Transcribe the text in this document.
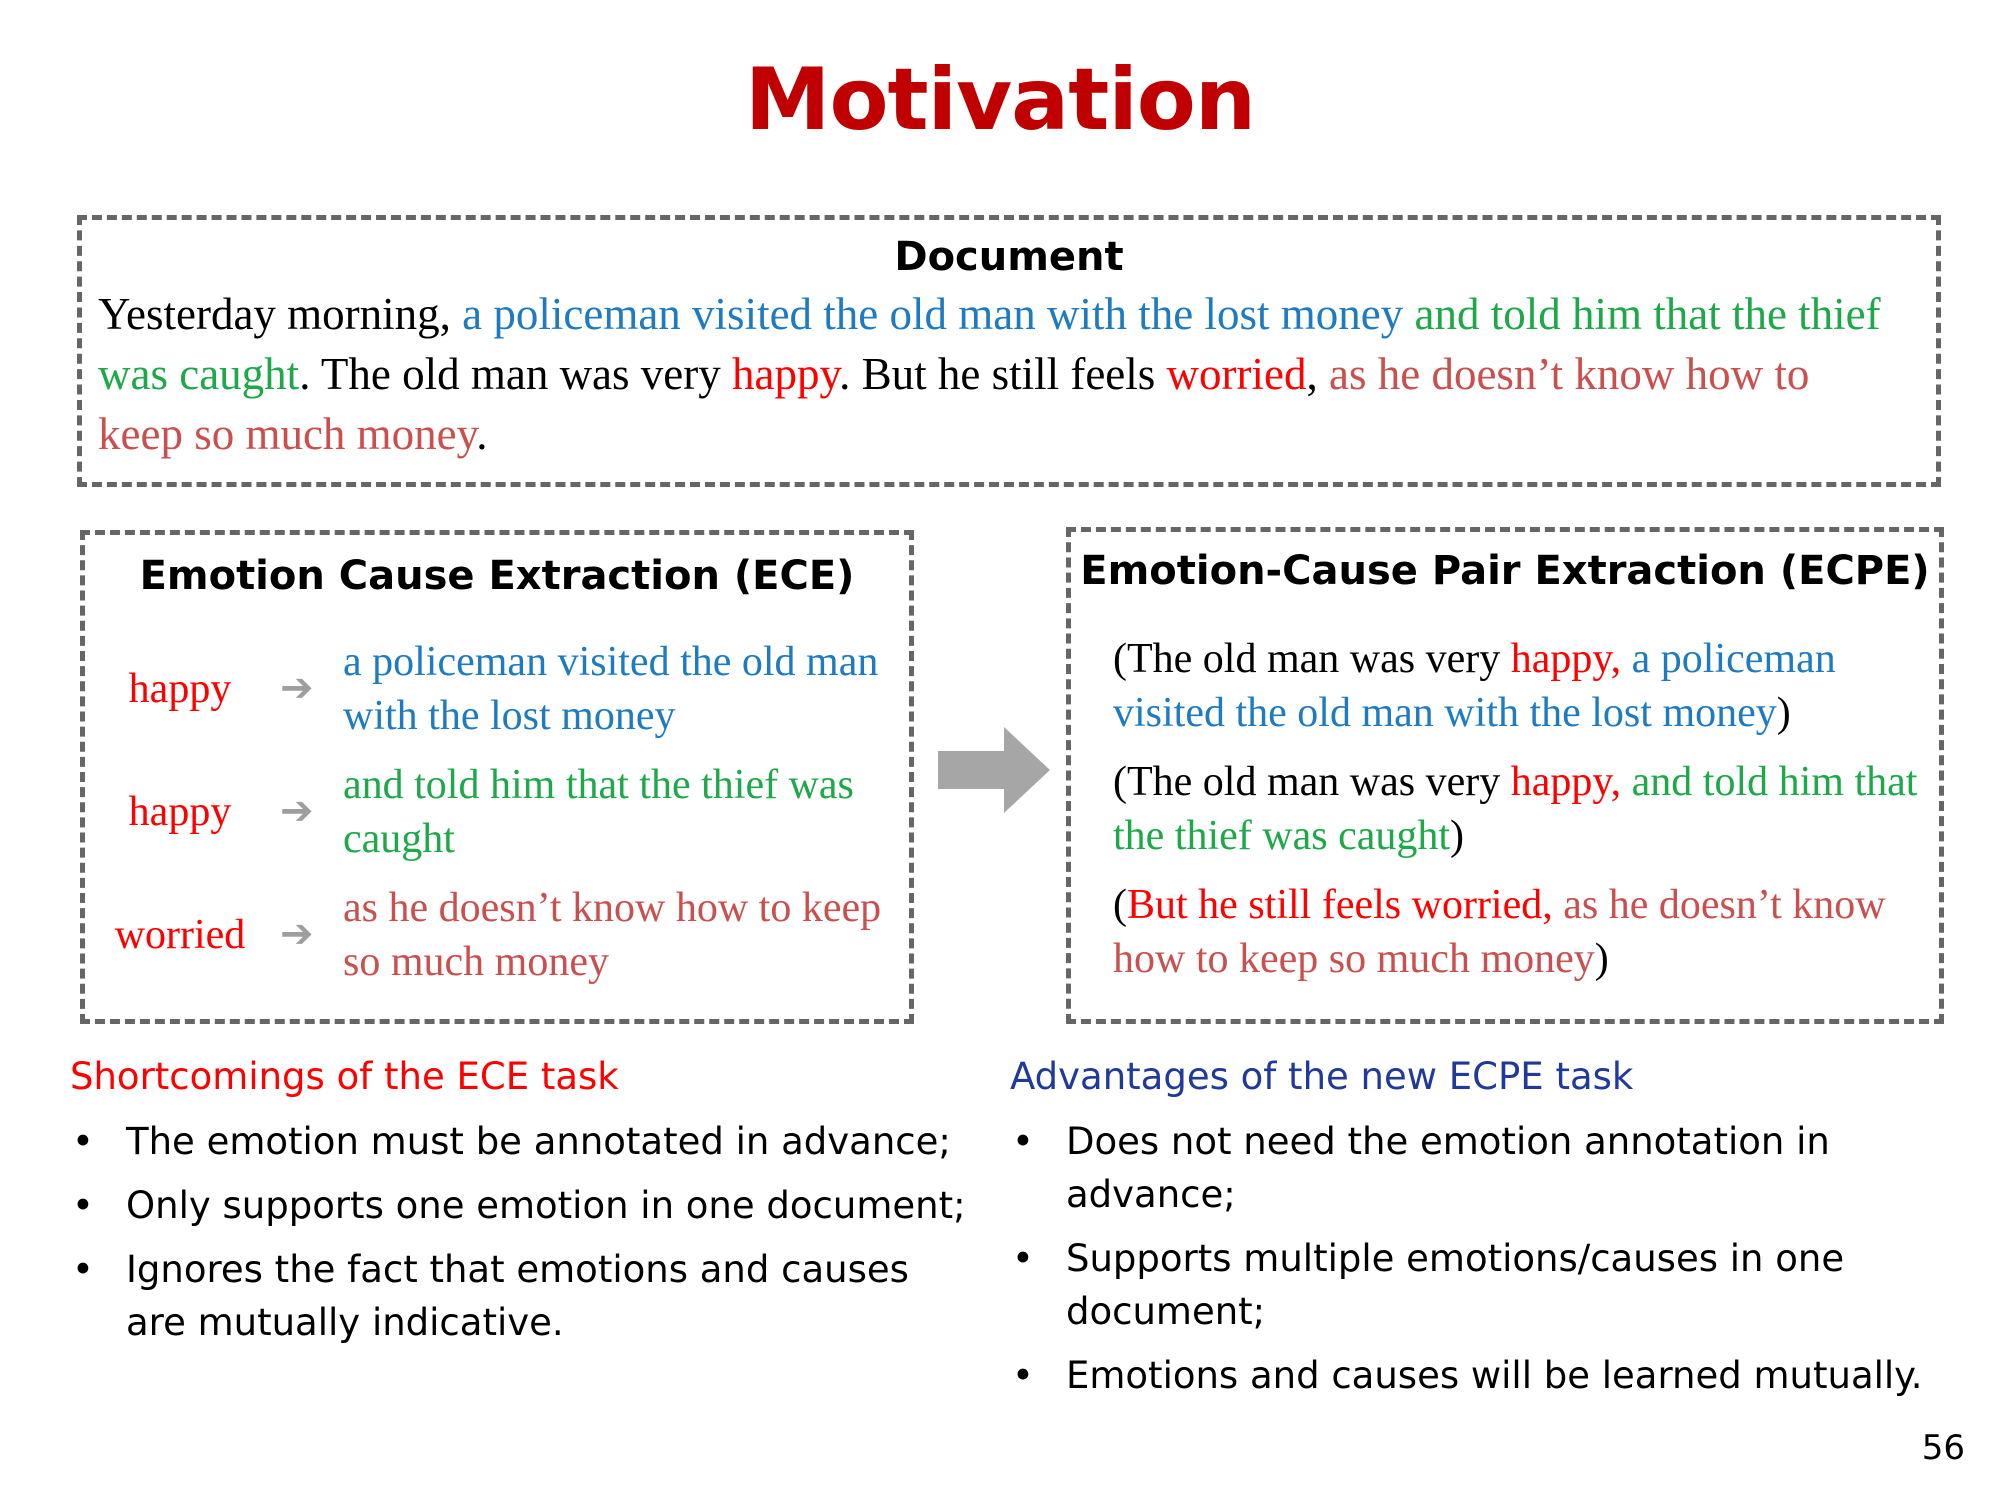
Motivation
Document
Yesterday morning, a policeman visited the old man with the lost money and told him that the thief was caught. The old man was very happy. But he still feels worried, as he doesn’t know how to keep so much money.
Emotion Cause Extraction (ECE)
happy	➔
a policeman visited the old man with the lost money
happy	➔
and told him that the thief was caught
worried ➔
as he doesn’t know how to keep so much money
Emotion-Cause Pair Extraction (ECPE)
(The old man was very happy, a policeman visited the old man with the lost money)
(The old man was very happy, and told him that the thief was caught)
(But he still feels worried, as he doesn’t know how to keep so much money)
Shortcomings of the ECE task
• The emotion must be annotated in advance;
• Only supports one emotion in one document;
• Ignores the fact that emotions and causes are mutually indicative.
Advantages of the new ECPE task
• Does not need the emotion annotation in advance;
• Supports multiple emotions/causes in one document;
• Emotions and causes will be learned mutually.
56
